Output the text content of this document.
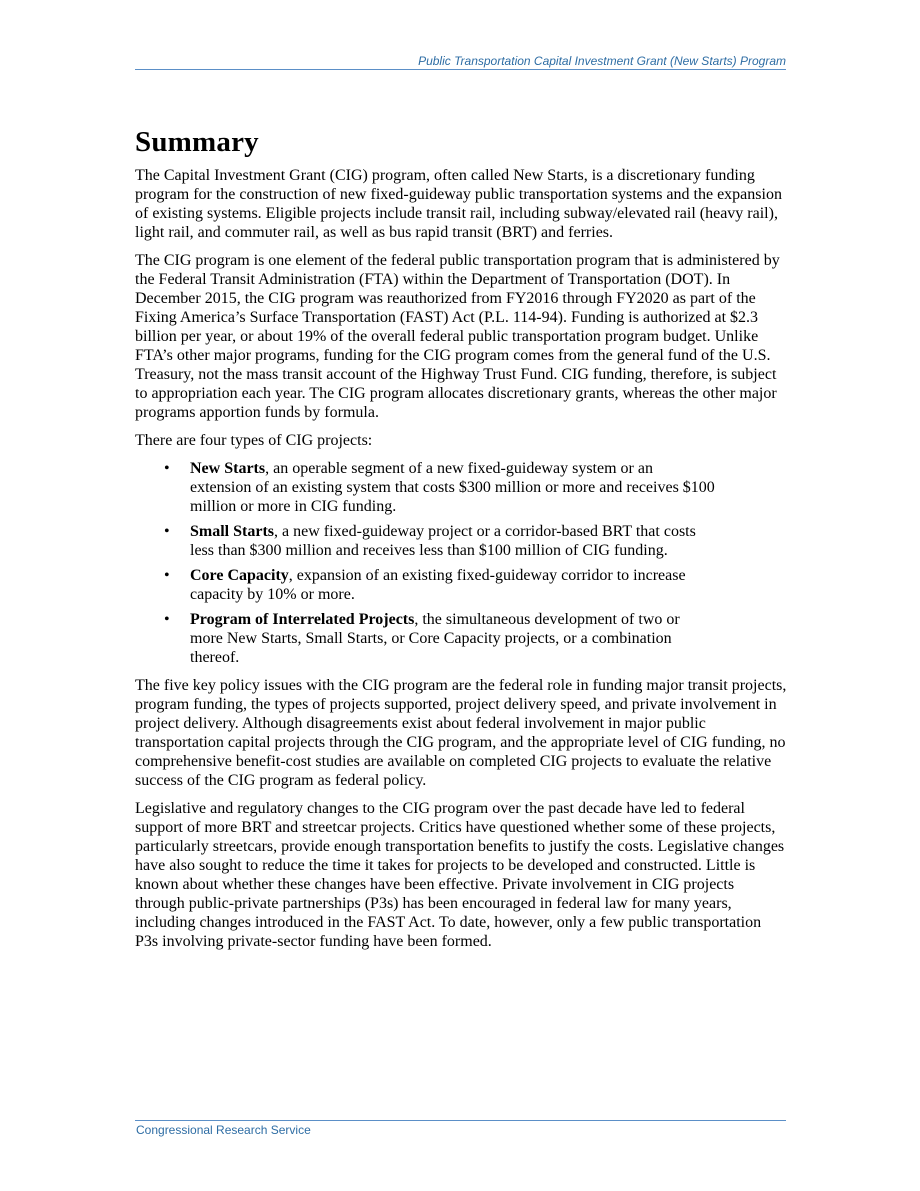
Public Transportation Capital Investment Grant (New Starts) Program
Summary

The Capital Investment Grant (CIG) program, often called New Starts, is a discretionary funding program for the construction of new fixed-guideway public transportation systems and the expansion of existing systems. Eligible projects include transit rail, including subway/elevated rail (heavy rail), light rail, and commuter rail, as well as bus rapid transit (BRT) and ferries.

The CIG program is one element of the federal public transportation program that is administered by the Federal Transit Administration (FTA) within the Department of Transportation (DOT). In December 2015, the CIG program was reauthorized from FY2016 through FY2020 as part of the Fixing America’s Surface Transportation (FAST) Act (P.L. 114-94). Funding is authorized at $2.3 billion per year, or about 19% of the overall federal public transportation program budget. Unlike FTA’s other major programs, funding for the CIG program comes from the general fund of the U.S. Treasury, not the mass transit account of the Highway Trust Fund. CIG funding, therefore, is subject to appropriation each year. The CIG program allocates discretionary grants, whereas the other major programs apportion funds by formula.

There are four types of CIG projects:

• New Starts, an operable segment of a new fixed-guideway system or an extension of an existing system that costs $300 million or more and receives $100 million or more in CIG funding.
• Small Starts, a new fixed-guideway project or a corridor-based BRT that costs less than $300 million and receives less than $100 million of CIG funding.
• Core Capacity, expansion of an existing fixed-guideway corridor to increase capacity by 10% or more.
• Program of Interrelated Projects, the simultaneous development of two or more New Starts, Small Starts, or Core Capacity projects, or a combination thereof.

The five key policy issues with the CIG program are the federal role in funding major transit projects, program funding, the types of projects supported, project delivery speed, and private involvement in project delivery. Although disagreements exist about federal involvement in major public transportation capital projects through the CIG program, and the appropriate level of CIG funding, no comprehensive benefit-cost studies are available on completed CIG projects to evaluate the relative success of the CIG program as federal policy.

Legislative and regulatory changes to the CIG program over the past decade have led to federal support of more BRT and streetcar projects. Critics have questioned whether some of these projects, particularly streetcars, provide enough transportation benefits to justify the costs. Legislative changes have also sought to reduce the time it takes for projects to be developed and constructed. Little is known about whether these changes have been effective. Private involvement in CIG projects through public-private partnerships (P3s) has been encouraged in federal law for many years, including changes introduced in the FAST Act. To date, however, only a few public transportation P3s involving private-sector funding have been formed.

Congressional Research Service
